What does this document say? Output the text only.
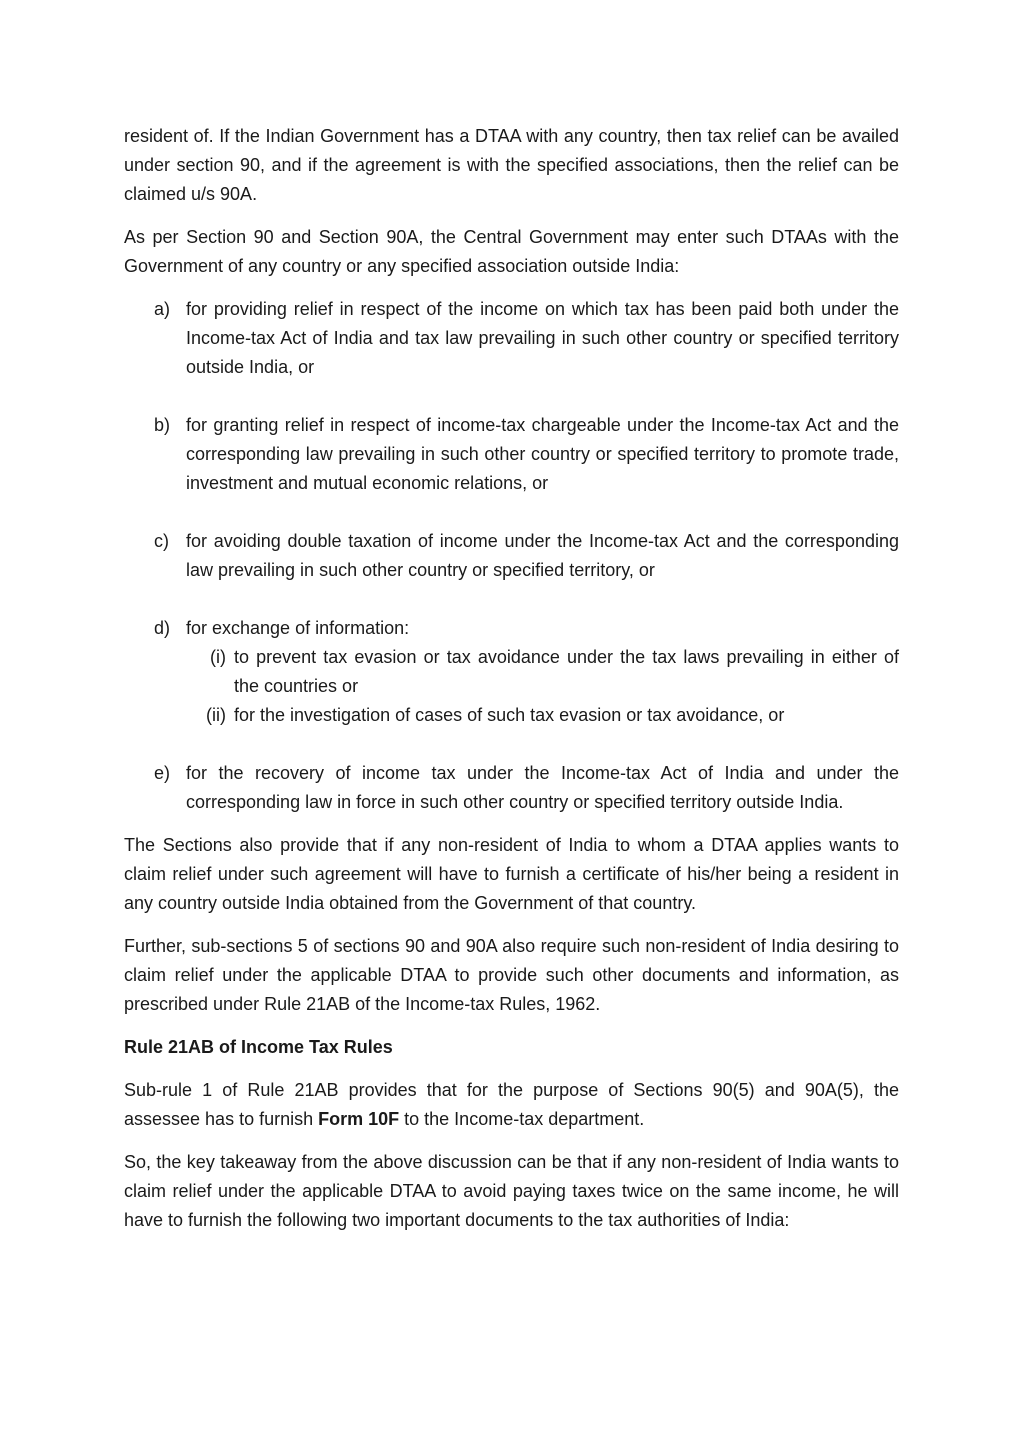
resident of. If the Indian Government has a DTAA with any country, then tax relief can be availed under section 90, and if the agreement is with the specified associations, then the relief can be claimed u/s 90A.

As per Section 90 and Section 90A, the Central Government may enter such DTAAs with the Government of any country or any specified association outside India:

a) for providing relief in respect of the income on which tax has been paid both under the Income-tax Act of India and tax law prevailing in such other country or specified territory outside India, or
b) for granting relief in respect of income-tax chargeable under the Income-tax Act and the corresponding law prevailing in such other country or specified territory to promote trade, investment and mutual economic relations, or
c) for avoiding double taxation of income under the Income-tax Act and the corresponding law prevailing in such other country or specified territory, or
d) for exchange of information:
(i) to prevent tax evasion or tax avoidance under the tax laws prevailing in either of the countries or
(ii) for the investigation of cases of such tax evasion or tax avoidance, or
e) for the recovery of income tax under the Income-tax Act of India and under the corresponding law in force in such other country or specified territory outside India.

The Sections also provide that if any non-resident of India to whom a DTAA applies wants to claim relief under such agreement will have to furnish a certificate of his/her being a resident in any country outside India obtained from the Government of that country.

Further, sub-sections 5 of sections 90 and 90A also require such non-resident of India desiring to claim relief under the applicable DTAA to provide such other documents and information, as prescribed under Rule 21AB of the Income-tax Rules, 1962.

Rule 21AB of Income Tax Rules

Sub-rule 1 of Rule 21AB provides that for the purpose of Sections 90(5) and 90A(5), the assessee has to furnish Form 10F to the Income-tax department.

So, the key takeaway from the above discussion can be that if any non-resident of India wants to claim relief under the applicable DTAA to avoid paying taxes twice on the same income, he will have to furnish the following two important documents to the tax authorities of India:
